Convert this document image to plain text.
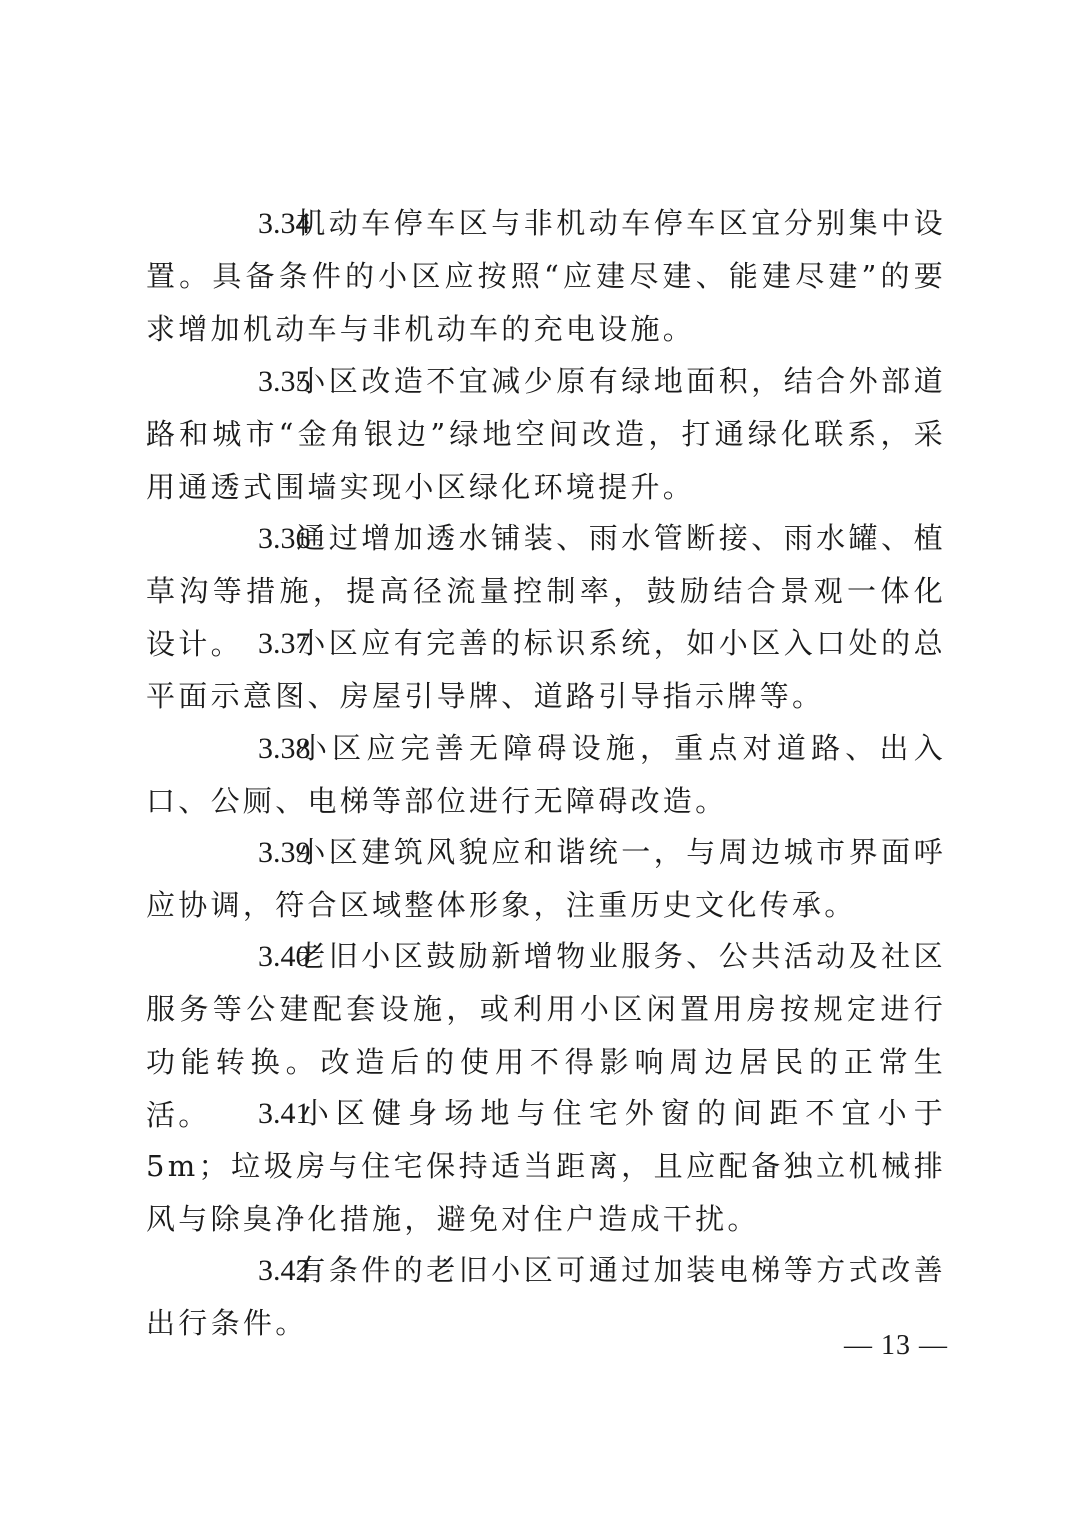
3.34机动车停车区与非机动车停车区宜分别集中设置。具备条件的小区应按照“应建尽建、能建尽建”的要求增加机动车与非机动车的充电设施。

3.35小区改造不宜减少原有绿地面积，结合外部道路和城市“金角银边”绿地空间改造，打通绿化联系，采用通透式围墙实现小区绿化环境提升。

3.36通过增加透水铺装、雨水管断接、雨水罐、植草沟等措施，提高径流量控制率，鼓励结合景观一体化设计。 3.37小区应有完善的标识系统，如小区入口处的总平面示意图、房屋引导牌、道路引导指示牌等。

3.38小区应完善无障碍设施，重点对道路、出入口、公厕、电梯等部位进行无障碍改造。

3.39小区建筑风貌应和谐统一，与周边城市界面呼应协调，符合区域整体形象，注重历史文化传承。

3.40老旧小区鼓励新增物业服务、公共活动及社区服务等公建配套设施，或利用小区闲置用房按规定进行功能转换。改造后的使用不得影响周边居民的正常生活。	3.41小区健身场地与住宅外窗的间距不宜小于5m；垃圾房与住宅保持适当距离，且应配备独立机械排风与除臭净化措施，避免对住户造成干扰。

3.42有条件的老旧小区可通过加装电梯等方式改善出行条件。

— 13 —
